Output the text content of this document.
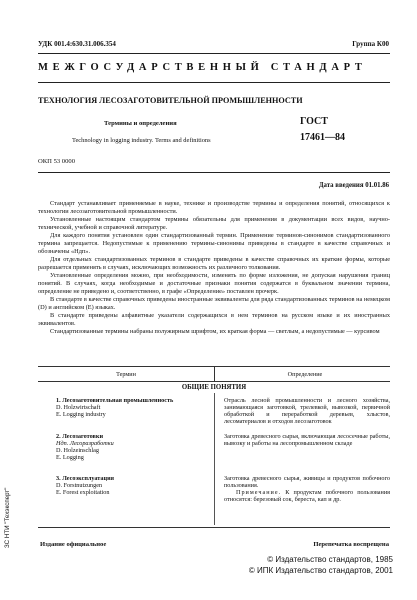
УДК 001.4:630.31.006.354	Группа К00
МЕЖГОСУДАРСТВЕННЫЙ СТАНДАРТ
ТЕХНОЛОГИЯ ЛЕСОЗАГОТОВИТЕЛЬНОЙ ПРОМЫШЛЕННОСТИ
Термины и определения
Technology in logging industry. Terms and definitions
ГОСТ
17461—84
ОКП 53 0000
Дата введения 01.01.86

Стандарт устанавливает применяемые в науке, технике и производстве термины и определения понятий, относящихся к технологии лесозаготовительной промышленности.

Установленные настоящим стандартом термины обязательны для применения в документации всех видов, научно-технической, учебной и справочной литературе.

Для каждого понятия установлен один стандартизованный термин. Применение терминов-синонимов стандартизованного термина запрещается. Недопустимые к применению термины-синонимы приведены в стандарте в качестве справочных и обозначены «Ндп».

Для отдельных стандартизованных терминов в стандарте приведены в качестве справочных их краткие формы, которые разрешается применять в случаях, исключающих возможность их различного толкования.

Установленные определения можно, при необходимости, изменять по форме изложения, не допуская нарушения границ понятий. В случаях, когда необходимые и достаточные признаки понятия содержатся в буквальном значении термина, определение не приведено и, соответственно, в графе «Определение» поставлен прочерк.

В стандарте в качестве справочных приведены иностранные эквиваленты для ряда стандартизованных терминов на немецком (D) и английском (E) языках.

В стандарте приведены алфавитные указатели содержащихся в нем терминов на русском языке и их иностранных эквивалентов.

Стандартизованные термины набраны полужирным шрифтом, их краткая форма — светлым, а недопустимые — курсивом

Термин	Определение
ОБЩИЕ ПОНЯТИЯ
1. Лесозаготовительная промышленность
D. Holzwirtschaft
E. Logging industry
Отрасль лесной промышленности и лесного хозяйства, занимающаяся заготовкой, трелевкой, вывозкой, первичной обработкой и переработкой деревьев, хлыстов, лесоматериалов и отходов лесозаготовок
2. Лесозаготовки
Ндп. Лесоразработки
D. Holzeinschlag
E. Logging
Заготовка древесного сырья, включающая лесосечные работы, вывозку и работы на лесопромышленном складе
3. Лесоэксплуатация
D. Forstnutzungen
E. Forest exploitation
Заготовка древесного сырья, живицы и продуктов побочного пользования.
Примечание. К продуктам побочного пользования относятся: березовый сок, береста, кап и др.
Издание официальное	Перепечатка воспрещена
© Издательство стандартов, 1985
© ИПК Издательство стандартов, 2001
ЗС НТИ "Техэксперт"
